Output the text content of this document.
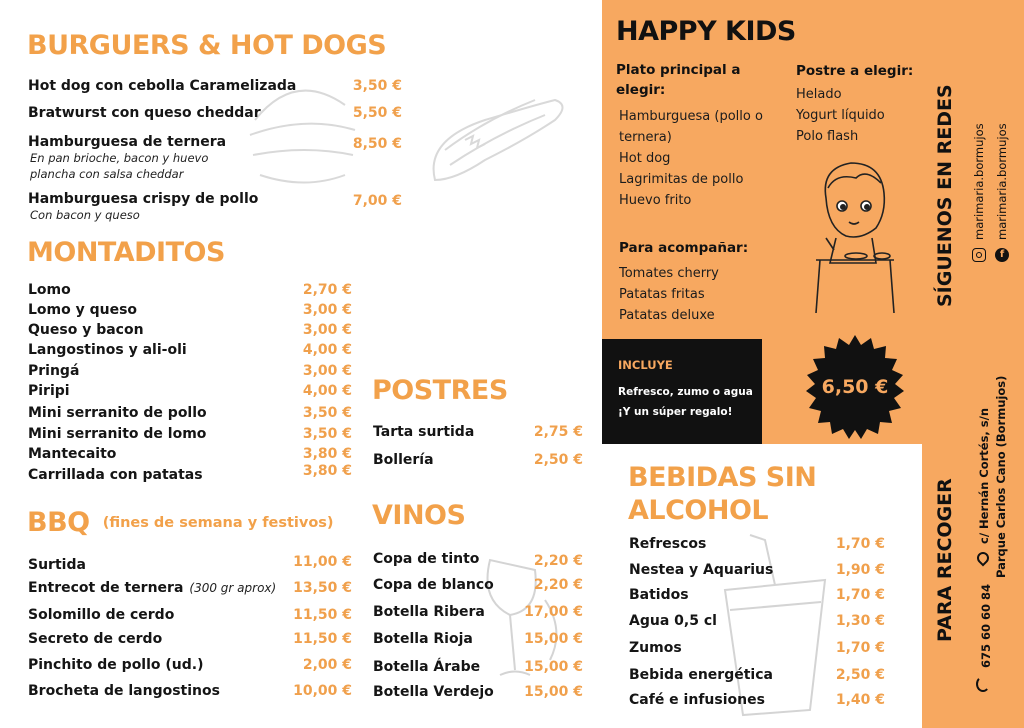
BURGUERS & HOT DOGS
Hot dog con cebolla Caramelizada	3,50 €
Bratwurst con queso cheddar	5,50 €
Hamburguesa de ternera	8,50 €
En pan brioche, bacon y huevo
plancha con salsa cheddar
Hamburguesa crispy de pollo	7,00 €
Con bacon y queso
MONTADITOS
Lomo	2,70 €
Lomo y queso	3,00 €
Queso y bacon	3,00 €
Langostinos y ali-oli	4,00 €
Pringá	3,00 €
Piripi	4,00 €
Mini serranito de pollo	3,50 €
Mini serranito de lomo	3,50 €
Mantecaito	3,80 €
Carrillada con patatas	3,80 €
BBQ (fines de semana y festivos)
Surtida	11,00 €
Entrecot de ternera (300 gr aprox) 13,50 €
Solomillo de cerdo	11,50 €
Secreto de cerdo	11,50 €
Pinchito de pollo (ud.)	2,00 €
Brocheta de langostinos	10,00 €
POSTRES
Tarta surtida	2,75 €
Bollería	2,50 €
VINOS
Copa de tinto	2,20 €
Copa de blanco	2,20 €
Botella Ribera	17,00 €
Botella Rioja	15,00 €
Botella Árabe	15,00 €
Botella Verdejo 15,00 €
HAPPY KIDS
Plato principal a
elegir:
Hamburguesa (pollo o
ternera)
Hot dog
Lagrimitas de pollo
Huevo frito
Postre a elegir:
Helado
Yogurt líquido
Polo flash
Para acompañar:
Tomates cherry
Patatas fritas
Patatas deluxe
INCLUYE
Refresco, zumo o agua
¡Y un súper regalo!
6,50 €
SÍGUENOS EN REDES marimaria.bormujos
f
marimaria.bormujos
BEBIDAS SIN
ALCOHOL
Refrescos	1,70 €
Nestea y Aquarius	1,90 €
Batidos	1,70 €
Agua 0,5 cl	1,30 €
Zumos	1,70 €
Bebida energética	2,50 €
Café e infusiones	1,40 €
PARA RECOGER
c/ Hernán Cortés, s/n Parque Carlos Cano (Bormujos)
675 60 60 84
